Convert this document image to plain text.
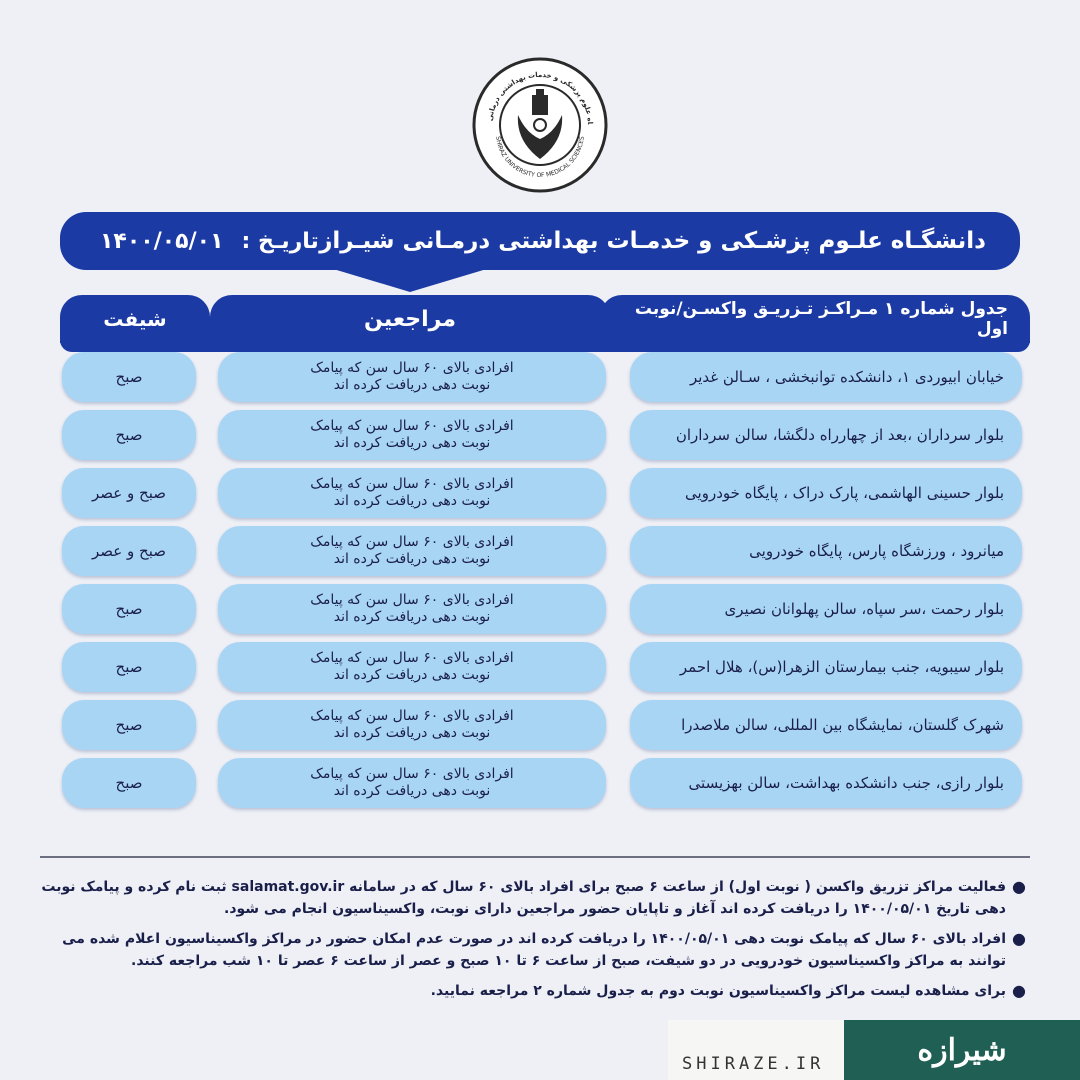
اه علوم پزشکی و خدمات بهداشتی درمانی
SHIRAZ UNIVERSITY OF MEDICAL SCIENCES
دانشگـاه علـوم پزشـکی و خدمـات بهداشتی درمـانی شیـراز
تاریـخ :
۱۴۰۰/۰۵/۰۱
جدول شماره ۱ مـراکـز تـزریـق واکسـن/نوبت اول
مراجعین
شیفت
خیابان ابیوردی ۱، دانشکده توانبخشی ، سـالن غدیر
افرادی بالای ۶۰ سال سن که پیامک
نوبت دهی دریافت کرده اند
صبح
بلوار سرداران ،بعد از چهارراه دلگشا، سالن سرداران
افرادی بالای ۶۰ سال سن که پیامک
نوبت دهی دریافت کرده اند
صبح
بلوار حسینی الهاشمی، پارک دراک ، پایگاه خودرویی
افرادی بالای ۶۰ سال سن که پیامک
نوبت دهی دریافت کرده اند
صبح و عصر
میانرود ، ورزشگاه پارس، پایگاه خودرویی
افرادی بالای ۶۰ سال سن که پیامک
نوبت دهی دریافت کرده اند
صبح و عصر
بلوار رحمت ،سر سپاه، سالن پهلوانان نصیری
افرادی بالای ۶۰ سال سن که پیامک
نوبت دهی دریافت کرده اند
صبح
بلوار سیبویه، جنب بیمارستان الزهرا(س)، هلال احمر
افرادی بالای ۶۰ سال سن که پیامک
نوبت دهی دریافت کرده اند
صبح
شهرک گلستان، نمایشگاه بین المللی، سالن ملاصدرا
افرادی بالای ۶۰ سال سن که پیامک
نوبت دهی دریافت کرده اند
صبح
بلوار رازی، جنب دانشکده بهداشت، سالن بهزیستی
افرادی بالای ۶۰ سال سن که پیامک
نوبت دهی دریافت کرده اند
صبح
●
فعالیت مراکز تزریق واکسن ( نوبت اول) از ساعت ۶ صبح برای افراد بالای ۶۰ سال که در سامانه salamat.gov.ir ثبت نام کرده و پیامک نوبت دهی تاریخ ۱۴۰۰/۰۵/۰۱ را دریافت کرده اند آغاز و تاپایان حضور مراجعین دارای نوبت، واکسیناسیون انجام می شود.
●
افراد بالای ۶۰ سال که پیامک نوبت دهی ۱۴۰۰/۰۵/۰۱ را دریافت کرده اند در صورت عدم امکان حضور در مراکز واکسیناسیون اعلام شده می توانند به مراکز واکسیناسیون خودرویی در دو شیفت، صبح از ساعت ۶ تا ۱۰ صبح و عصر از ساعت ۶ عصر تا ۱۰ شب مراجعه کنند.
●
برای مشاهده لیست مراکز واکسیناسیون نوبت دوم به جدول شماره ۲ مراجعه نمایید.
SHIRAZE.IR	شیرازه
